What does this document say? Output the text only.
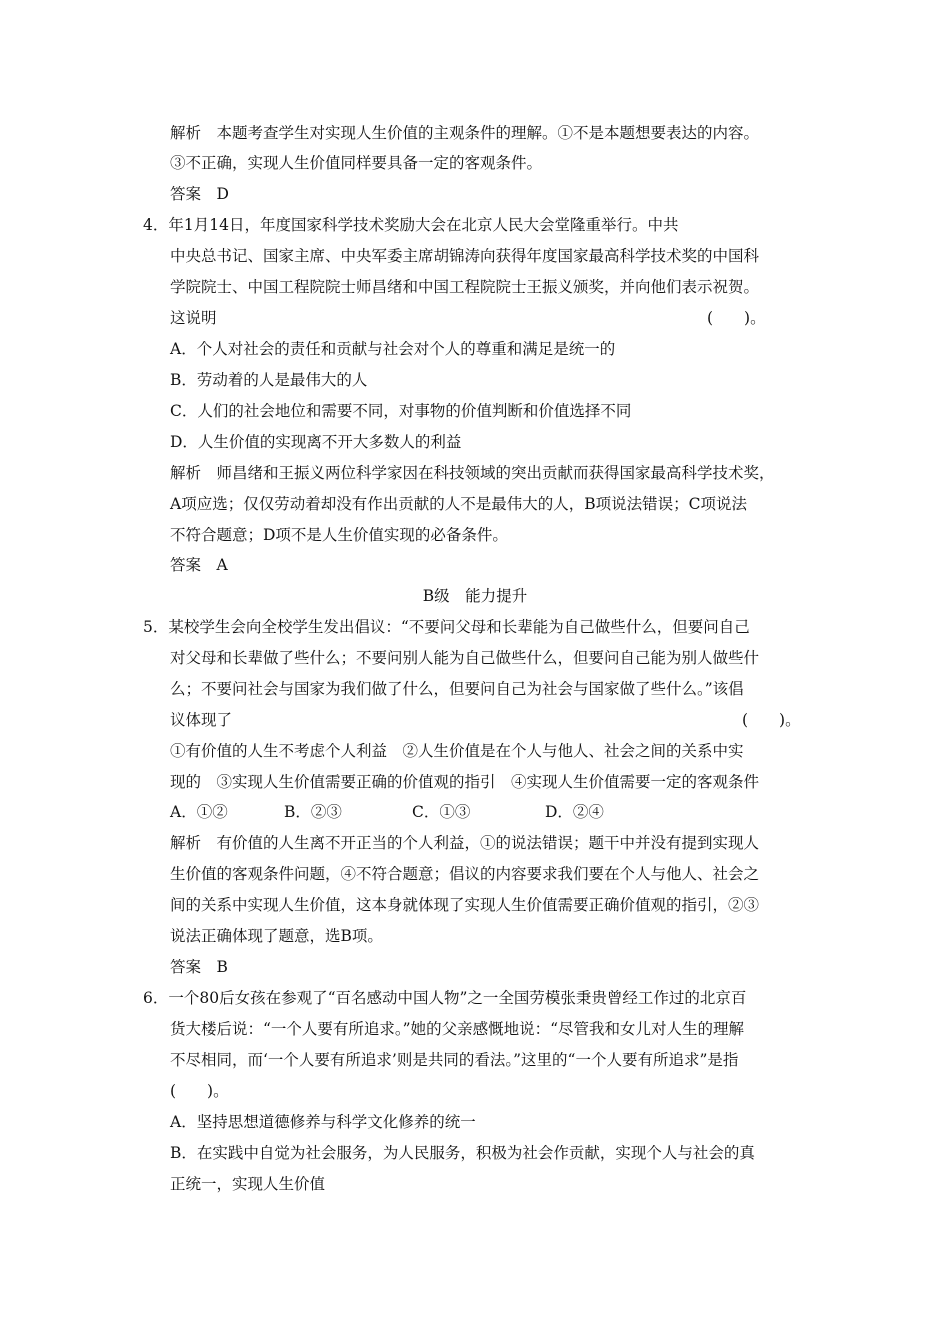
B级　能力提升
解析　本题考查学生对实现人生价值的主观条件的理解。①不是本题想要表达的内容。
③不正确，实现人生价值同样要具备一定的客观条件。
答案　D
4．年1月14日，年度国家科学技术奖励大会在北京人民大会堂隆重举行。中共
中央总书记、国家主席、中央军委主席胡锦涛向获得年度国家最高科学技术奖的中国科
学院院士、中国工程院院士师昌绪和中国工程院院士王振义颁奖，并向他们表示祝贺。
这说明	(　　)。
A．个人对社会的责任和贡献与社会对个人的尊重和满足是统一的
B．劳动着的人是最伟大的人
C．人们的社会地位和需要不同，对事物的价值判断和价值选择不同
D．人生价值的实现离不开大多数人的利益
解析　师昌绪和王振义两位科学家因在科技领域的突出贡献而获得国家最高科学技术奖，
A项应选；仅仅劳动着却没有作出贡献的人不是最伟大的人，B项说法错误；C项说法
不符合题意；D项不是人生价值实现的必备条件。
答案　A
5．某校学生会向全校学生发出倡议：“不要问父母和长辈能为自己做些什么，但要问自己
对父母和长辈做了些什么；不要问别人能为自己做些什么，但要问自己能为别人做些什
么；不要问社会与国家为我们做了什么，但要问自己为社会与国家做了些什么。”该倡
议体现了	(　　)。
①有价值的人生不考虑个人利益　②人生价值是在个人与他人、社会之间的关系中实
现的　③实现人生价值需要正确的价值观的指引　④实现人生价值需要一定的客观条件
A．①②	B．②③	C．①③	D．②④
解析　有价值的人生离不开正当的个人利益，①的说法错误；题干中并没有提到实现人
生价值的客观条件问题，④不符合题意；倡议的内容要求我们要在个人与他人、社会之
间的关系中实现人生价值，这本身就体现了实现人生价值需要正确价值观的指引，②③
说法正确体现了题意，选B项。
答案　B
6．一个80后女孩在参观了“百名感动中国人物”之一全国劳模张秉贵曾经工作过的北京百
货大楼后说：“一个人要有所追求。”她的父亲感慨地说：“尽管我和女儿对人生的理解
不尽相同，而‘一个人要有所追求’则是共同的看法。”这里的“一个人要有所追求”是指
(　　)。
A．坚持思想道德修养与科学文化修养的统一
B．在实践中自觉为社会服务，为人民服务，积极为社会作贡献，实现个人与社会的真
正统一，实现人生价值
